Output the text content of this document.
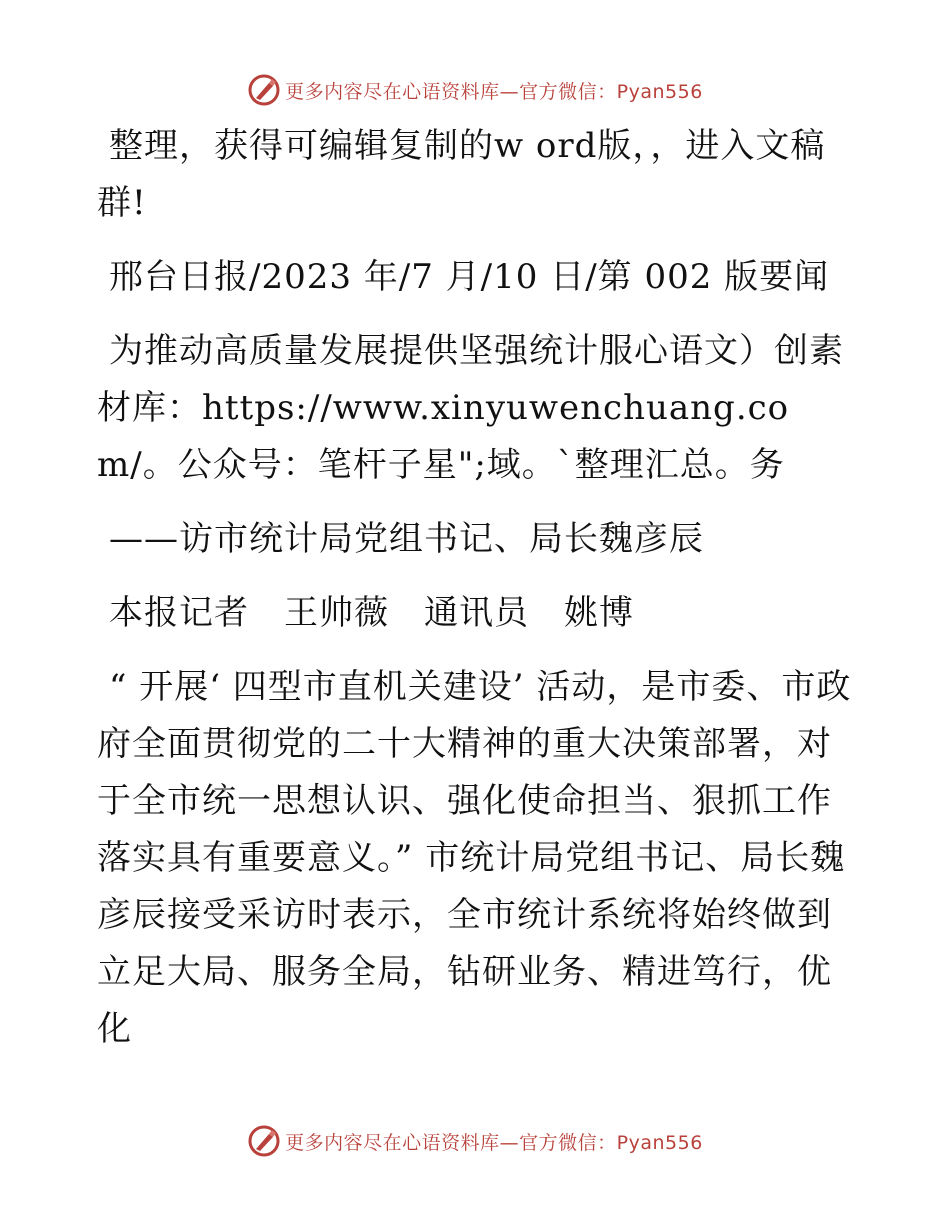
更多内容尽在心语资料库—官方微信：Pyan556

整理，获得可编辑复制的w ord版，，进入文稿群!

邢台日报/2023 年/7 月/10 日/第 002 版要闻

为推动高质量发展提供坚强统计服心语文）创素材库：https://www.xinyuwenchuang.com/。公众号：笔杆子星";域。`整理汇总。务

——访市统计局党组书记、局长魏彦辰

本报记者　王帅薇　通讯员　姚博

“ 开展‘ 四型市直机关建设’ 活动，是市委、市政府全面贯彻党的二十大精神的重大决策部署，对于全市统一思想认识、强化使命担当、狠抓工作落实具有重要意义。” 市统计局党组书记、局长魏彦辰接受采访时表示，全市统计系统将始终做到立足大局、服务全局，钻研业务、精进笃行，优化

更多内容尽在心语资料库—官方微信：Pyan556
